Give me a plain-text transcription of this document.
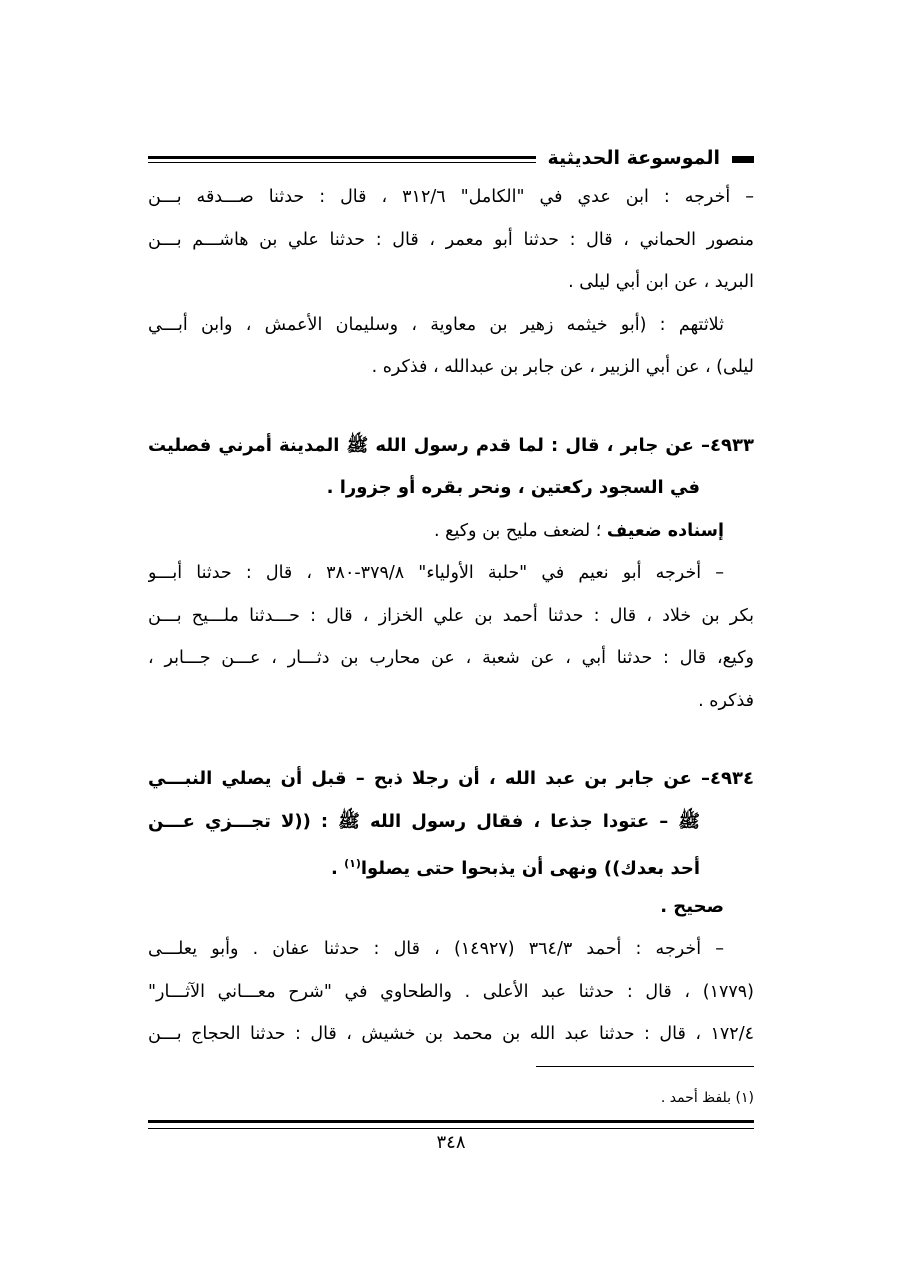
الموسوعة الحديثية
– أخرجه : ابن عدي في "الكامل" ٣١٢/٦ ، قال : حدثنا صـــدقه بـــن
منصور الحماني ، قال : حدثنا أبو معمر ، قال : حدثنا علي بن هاشـــم بـــن
البريد ، عن ابن أبي ليلى .
ثلاثتهم : (أبو خيثمه زهير بن معاوية ، وسليمان الأعمش ، وابن أبـــي
ليلى) ، عن أبي الزبير ، عن جابر بن عبدالله ، فذكره .
٤٩٣٣– عن جابر ، قال : لما قدم رسول الله ﷺ المدينة أمرني فصليت
في السجود ركعتين ، ونحر بقره أو جزورا .
إسناده ضعيف ؛ لضعف مليح بن وكيع .
– أخرجه أبو نعيم في "حلبة الأولياء" ٣٧٩/٨-٣٨٠ ، قال : حدثنا أبـــو
بكر بن خلاد ، قال : حدثنا أحمد بن علي الخزاز ، قال : حـــدثنا ملـــيح بـــن
وكيع، قال : حدثنا أبي ، عن شعبة ، عن محارب بن دثـــار ، عـــن جـــابر ،
فذكره .
٤٩٣٤– عن جابر بن عبد الله ، أن رجلا ذبح – قبل أن يصلي النبـــي
ﷺ – عتودا جذعا ، فقال رسول الله ﷺ : ((لا تجـــزي عـــن
أحد بعدك)) ونهى أن يذبحوا حتى يصلوا$^{(١)}$ .
صحيح .
– أخرجه : أحمد ٣٦٤/٣ (١٤٩٢٧) ، قال : حدثنا عفان . وأبو يعلـــى
(١٧٧٩) ، قال : حدثنا عبد الأعلى . والطحاوي في "شرح معـــاني الآثـــار"
١٧٢/٤ ، قال : حدثنا عبد الله بن محمد بن خشيش ، قال : حدثنا الحجاج بـــن
(١) بلفظ أحمد .
٣٤٨
